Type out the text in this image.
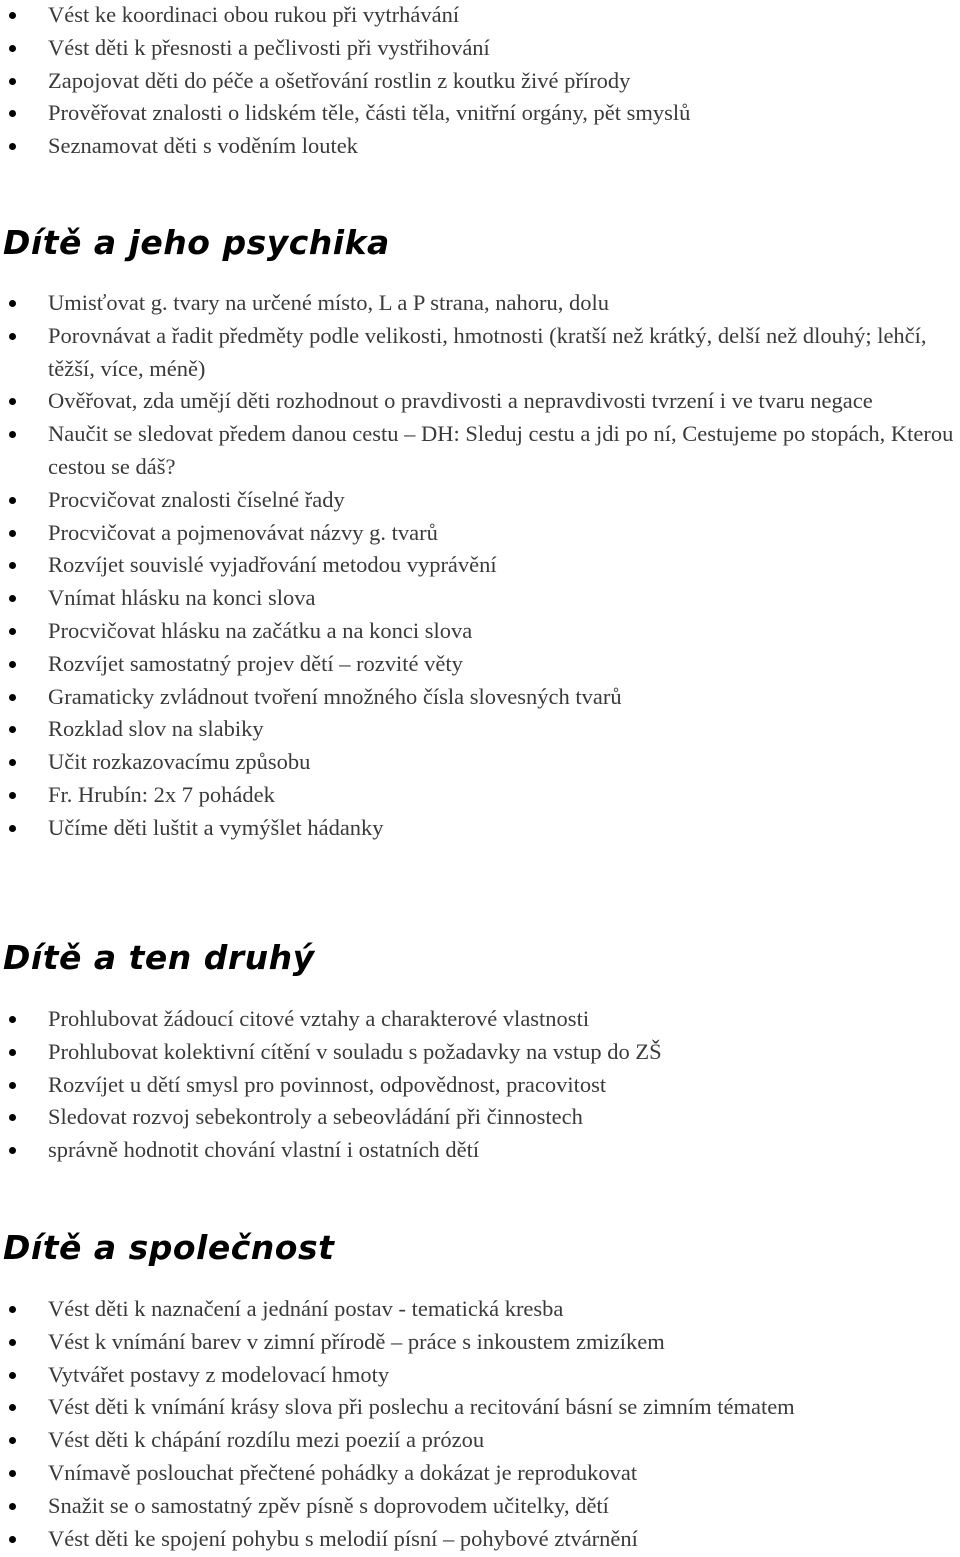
Vést ke koordinaci obou rukou při vytrhávání
Vést děti k přesnosti a pečlivosti při vystřihování
Zapojovat děti do péče a ošetřování rostlin z koutku živé přírody
Prověřovat znalosti o lidském těle, části těla, vnitřní orgány, pět smyslů
Seznamovat děti s voděním loutek
Dítě a jeho psychika
Umisťovat g. tvary na určené místo, L a P strana, nahoru, dolu
Porovnávat a řadit předměty podle velikosti, hmotnosti (kratší než krátký, delší než dlouhý; lehčí, těžší, více, méně)
Ověřovat, zda umějí děti rozhodnout o pravdivosti a nepravdivosti tvrzení i ve tvaru negace
Naučit se sledovat předem danou cestu – DH: Sleduj cestu a jdi po ní, Cestujeme po stopách, Kterou cestou se dáš?
Procvičovat znalosti číselné řady
Procvičovat a pojmenovávat názvy g. tvarů
Rozvíjet souvislé vyjadřování metodou vyprávění
Vnímat hlásku na konci slova
Procvičovat hlásku na začátku a na konci slova
Rozvíjet samostatný projev dětí – rozvité věty
Gramaticky zvládnout tvoření množného čísla slovesných tvarů
Rozklad slov na slabiky
Učit rozkazovacímu způsobu
Fr. Hrubín: 2x 7 pohádek
Učíme děti luštit a vymýšlet hádanky
Dítě a ten druhý
Prohlubovat žádoucí citové vztahy a charakterové vlastnosti
Prohlubovat kolektivní cítění v souladu s požadavky na vstup do ZŠ
Rozvíjet u dětí smysl pro povinnost, odpovědnost, pracovitost
Sledovat rozvoj sebekontroly a sebeovládání při činnostech
správně hodnotit chování vlastní i ostatních dětí
Dítě a společnost
Vést děti k naznačení a jednání postav - tematická kresba
Vést k vnímání barev v zimní přírodě – práce s inkoustem zmizíkem
Vytvářet postavy z modelovací hmoty
Vést děti k vnímání krásy slova při poslechu a recitování básní se zimním tématem
Vést děti k chápání rozdílu mezi poezií a prózou
Vnímavě poslouchat přečtené pohádky a dokázat je reprodukovat
Snažit se o samostatný zpěv písně s doprovodem učitelky, dětí
Vést děti ke spojení pohybu s melodií písní – pohybové ztvárnění
